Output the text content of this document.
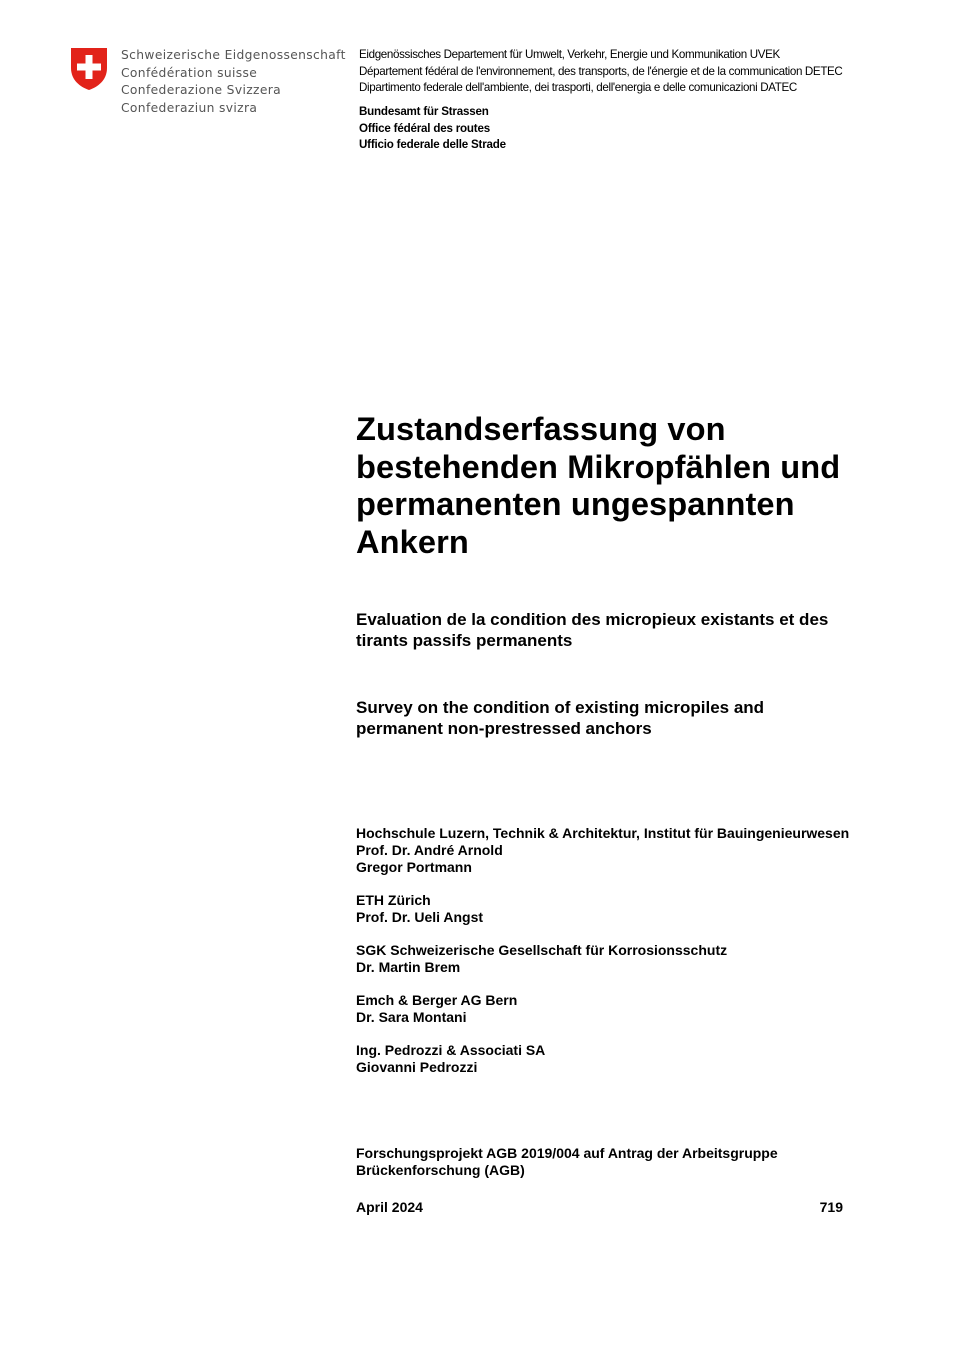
Schweizerische Eidgenossenschaft
Confédération suisse
Confederazione Svizzera
Confederaziun svizra
Eidgenössisches Departement für Umwelt, Verkehr, Energie und Kommunikation UVEK
Département fédéral de l'environnement, des transports, de l'énergie et de la communication DETEC
Dipartimento federale dell'ambiente, dei trasporti, dell'energia e delle comunicazioni DATEC
Bundesamt für Strassen
Office fédéral des routes
Ufficio federale delle Strade
Zustandserfassung von
bestehenden Mikropfählen und
permanenten ungespannten
Ankern
Evaluation de la condition des micropieux existants et des
tirants passifs permanents
Survey on the condition of existing micropiles and
permanent non-prestressed anchors
Hochschule Luzern, Technik & Architektur, Institut für Bauingenieurwesen
Prof. Dr. André Arnold
Gregor Portmann
ETH Zürich
Prof. Dr. Ueli Angst
SGK Schweizerische Gesellschaft für Korrosionsschutz
Dr. Martin Brem
Emch & Berger AG Bern
Dr. Sara Montani
Ing. Pedrozzi & Associati SA
Giovanni Pedrozzi
Forschungsprojekt AGB 2019/004 auf Antrag der Arbeitsgruppe
Brückenforschung (AGB)
April 2024	719
